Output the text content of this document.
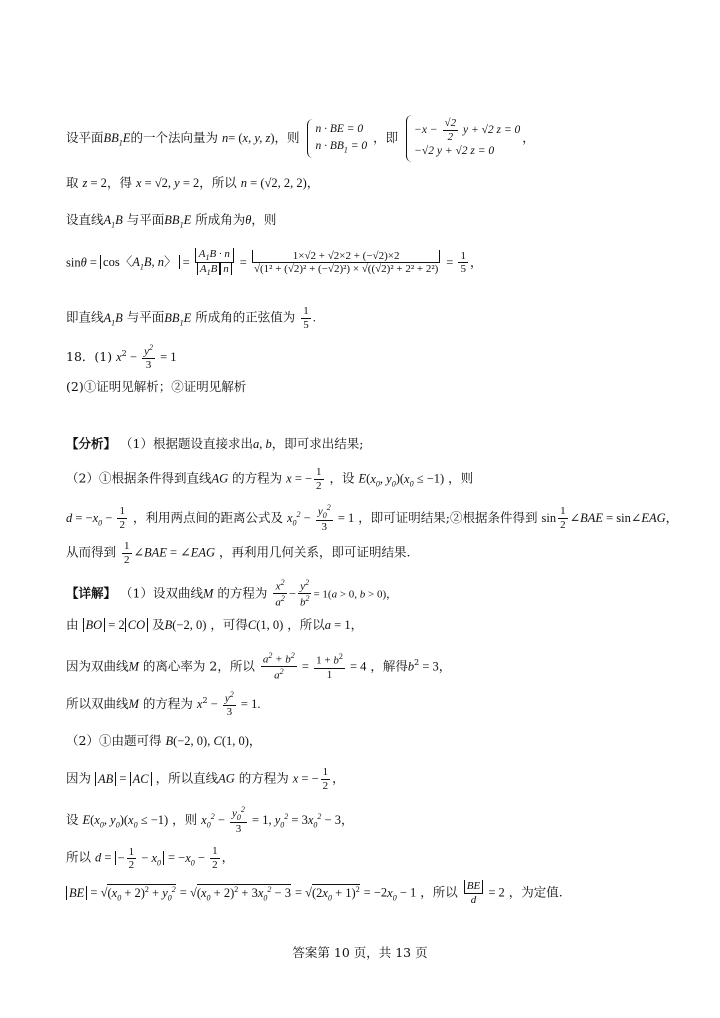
设平面$BB_1E$的一个法向量为 n= (x, y, z)，则
n · BE = 0
$n \cdot BB_1 = 0$
，即
$-x - \frac{√2}{2}$ y + √2 z = 0
−√2 y + √2 z = 0
，
取 z = 2，得 x = √2, y = 2，所以 n = (√2, 2, 2)，
设直线$A_1B$ 与平面$BB_1E$ 所成角为θ，则
sinθ = cos〈$A_1B$, n〉 = $\frac{A_1B \cdot n}{A_1B n} = \frac{1\times√2 + √2\times 2 + (-√2)\times 2}{\text{√(1² + (√2)² + (−√2)²) × √((√2)² + 2² + 2²)}} = \frac{1}{5}$ ，
即直线$A_1B$ 与平面$BB_1E$ 所成角的正弦值为 $\frac{1}{5}$ .
18．(1) $x^2 - \frac{y^2}{3} = 1$
(2)①证明见解析；②证明见解析
【分析】 （1）根据题设直接求出a, b，即可求出结果;
（2）①根据条件得到直线AG 的方程为 x = − $\frac{1}{2}$ ，设 $E(x_0$, $y_0)(x_0 \le -1)$ ，则
$d = -x_0 - \frac{1}{2}$ ，利用两点间的距离公式及 $x_0^2 - \frac{y_0^2}{3} = 1$ ，即可证明结果;②根据条件得到 $\sin \frac{1}{2}$ ∠BAE = sin∠EAG，
从而得到 $\frac{1}{2}$ ∠BAE = ∠EAG ，再利用几何关系，即可证明结果.
【详解】 （1）设双曲线M 的方程为 $\frac{x^2}{a^2} - \frac{y^2}{b^2} = 1(a > 0$, b > 0)，
由 BO = 2 CO 及B(−2, 0) ，可得C(1, 0) ，所以a = 1，
因为双曲线M 的离心率为 2，所以 $\frac{a^2 + b^2}{a^2} = \frac{1 + b^2}{1} = 4$ ，解得$b^2 = 3$，
所以双曲线M 的方程为 $x^2 - \frac{y^2}{3} = 1$.
（2）①由题可得 B(−2, 0), C(1, 0)，
因为 AB = AC ，所以直线AG 的方程为 x = − $\frac{1}{2}$ ，
设 $E(x_0$, $y_0)(x_0 \le -1)$ ，则 $x_0^2 - \frac{y_0^2}{3} = 1$, $y_0^2 = 3x_0^2 - 3$，
所以 d = − $\frac{1}{2} - x_0 = -x_0 - \frac{1}{2}$ ，
BE = $√(x_0 + 2)^2 + y_0^2 = √(x_0 + 2)^2 + 3x_0^2 - 3 = √(2x_0 + 1)^2 = -2x_0 - 1$ ，所以 $\frac{BE}{d} = 2$ ，为定值.
答案第 10 页，共 13 页
